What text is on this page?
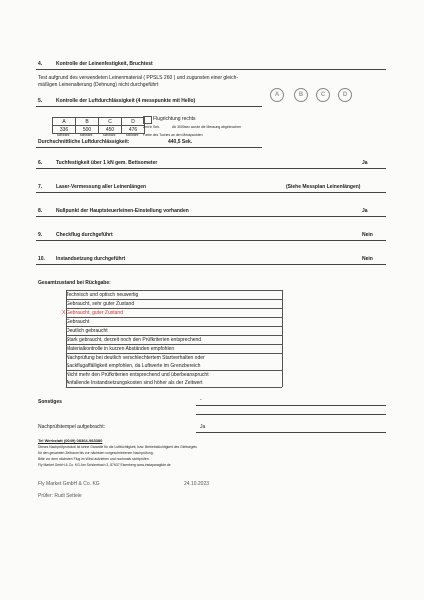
4.	Kontrolle der Leinenfestigkeit, Bruchtest
Test aufgrund des verwendeten Leinenmaterial ( PPSLS 260 ) und zugunsten einer gleich-
mäßigen Leinenalterung (Dehnung) nicht durchgeführt
5.	Kontrolle der Luftdurchlässigkeit (4 messpunkte mit Hello)
A	B	C	D
A	B	C	D
336	500	450	476
schwarz	schwarz	schwarz	schwarz
Flugrichtung rechts
Zeit in Sek.	Ab 3000sec wurde die Messung abgebrochen
Farbe des Tuches an den Messpunkten
Durchschnittliche Luftdurchlässigkeit:	440,5 Sek.
6.	Tuchfestigkeit über 1 kN gem. Bettsometer	Ja
7.	Laser-Vermessung aller Leinenlängen	(Siehe Messplan Leinenlängen)
8.	Nullpunkt der Hauptsteuerleinen-Einstellung vorhanden	Ja
9.	Checkflug durchgeführt	Nein
10. Instandsetzung durchgeführt	Nein
Gesamtzustand bei Rückgabe:
Technisch und optisch neuwertig
Gebraucht, sehr guter Zustand
X Gebraucht, guter Zustand
Gebraucht
Deutlich gebraucht
Stark gebraucht, derzeit noch den Prüfkriterien entsprechend
Materialkontrolle in kurzen Abständen empfohlen
Nachprüfung bei deutlich verschlechtertem Startverhalten oder
Sackflugaffälligkeit empfohlen, da Luftwerte im Grenzbereich
Nicht mehr den Prüfkriterien entsprechend und überbeansprucht
Anfallende Instandsetzungskosten sind höher als der Zeitwert
Sonstiges	-
Nachprüfstempel aufgebracht:	Ja
Tel Werkstatt (0049) 08364-983380
Dieses Nachprüfprotokoll ist keine Garantie für die Lufttüchtigkeit, bzw. Betriebstüchtigkeit des Gleitsegels
für den gesamten Zeitraum bis zur nächsten vorgeschriebenen Nachprüfung.
Bitte vor dem nächsten Flug im Wind aufziehen und nochmals sichtprüfen.
Fly Market GmbH & Co. KG Am Schönebach 3, 87637 Eisenberg www.instaparaglide.de
Fly Market GmbH & Co. KG	24.10.2023
Prüfer: Rudi Settele
